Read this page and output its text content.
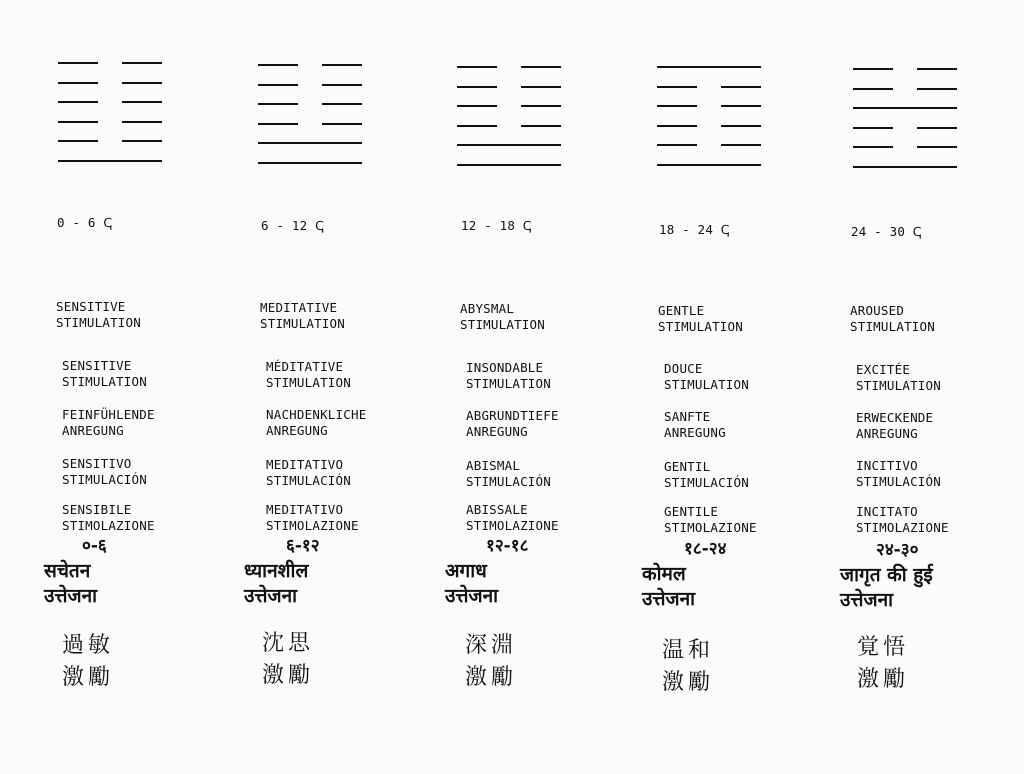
0 - 6 ↅ
SENSITIVE
STIMULATION
SENSITIVE
STIMULATION
FEINFÜHLENDE
ANREGUNG
SENSITIVO
STIMULACIÓN
SENSIBILE
STIMOLAZIONE
०-६
過敏
激勵
सचेतन
उत्तेजना
6 - 12 ↅ
MEDITATIVE
STIMULATION
MÉDITATIVE
STIMULATION
NACHDENKLICHE
ANREGUNG
MEDITATIVO
STIMULACIÓN
MEDITATIVO
STIMOLAZIONE
६-१२
沈思
激勵
ध्यानशील
उत्तेजना
12 - 18 ↅ
ABYSMAL
STIMULATION
INSONDABLE
STIMULATION
ABGRUNDTIEFE
ANREGUNG
ABISMAL
STIMULACIÓN
ABISSALE
STIMOLAZIONE
१२-१८
深淵
激勵
अगाध
उत्तेजना
18 - 24 ↅ
GENTLE
STIMULATION
DOUCE
STIMULATION
SANFTE
ANREGUNG
GENTIL
STIMULACIÓN
GENTILE
STIMOLAZIONE
१८-२४
温和
激勵
कोमल
उत्तेजना
24 - 30 ↅ
AROUSED
STIMULATION
EXCITÉE
STIMULATION
ERWECKENDE
ANREGUNG
INCITIVO
STIMULACIÓN
INCITATO
STIMOLAZIONE
२४-३०
覚悟
激勵
जागृत की हुई
उत्तेजना
